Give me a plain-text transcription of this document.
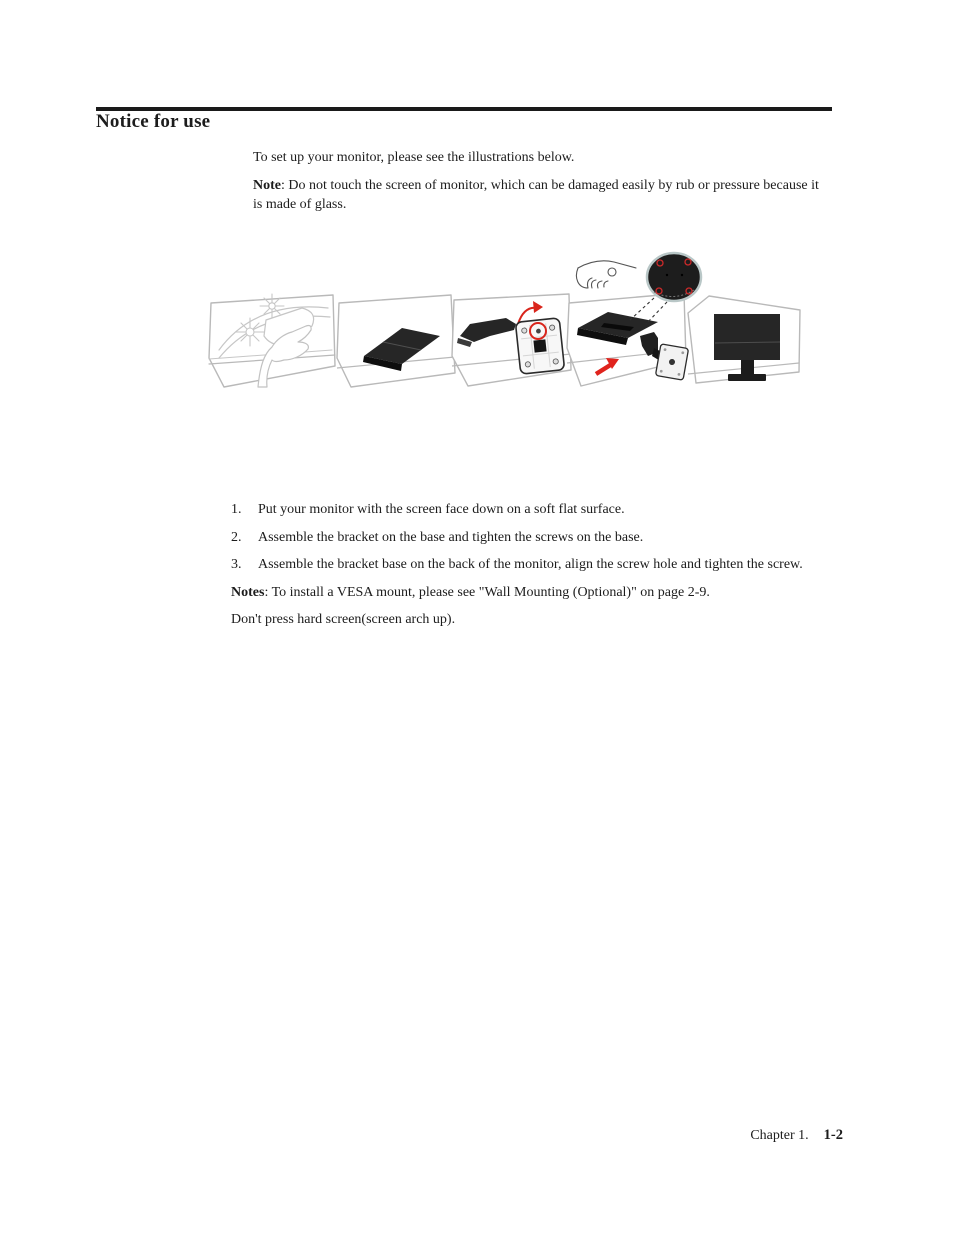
Notice for use

To set up your monitor, please see the illustrations below.

Note: Do not touch the screen of monitor, which can be damaged easily by rub or pressure because it is made of glass.

1.	Put your monitor with the screen face down on a soft flat surface.
2.	Assemble the bracket on the base and tighten the screws on the base.
3.	Assemble the bracket base on the back of the monitor, align the screw hole and tighten the screw.
Notes: To install a VESA mount, please see "Wall Mounting (Optional)" on page 2-9.
Don't press hard screen(screen arch up).
Chapter 1. 1-2
